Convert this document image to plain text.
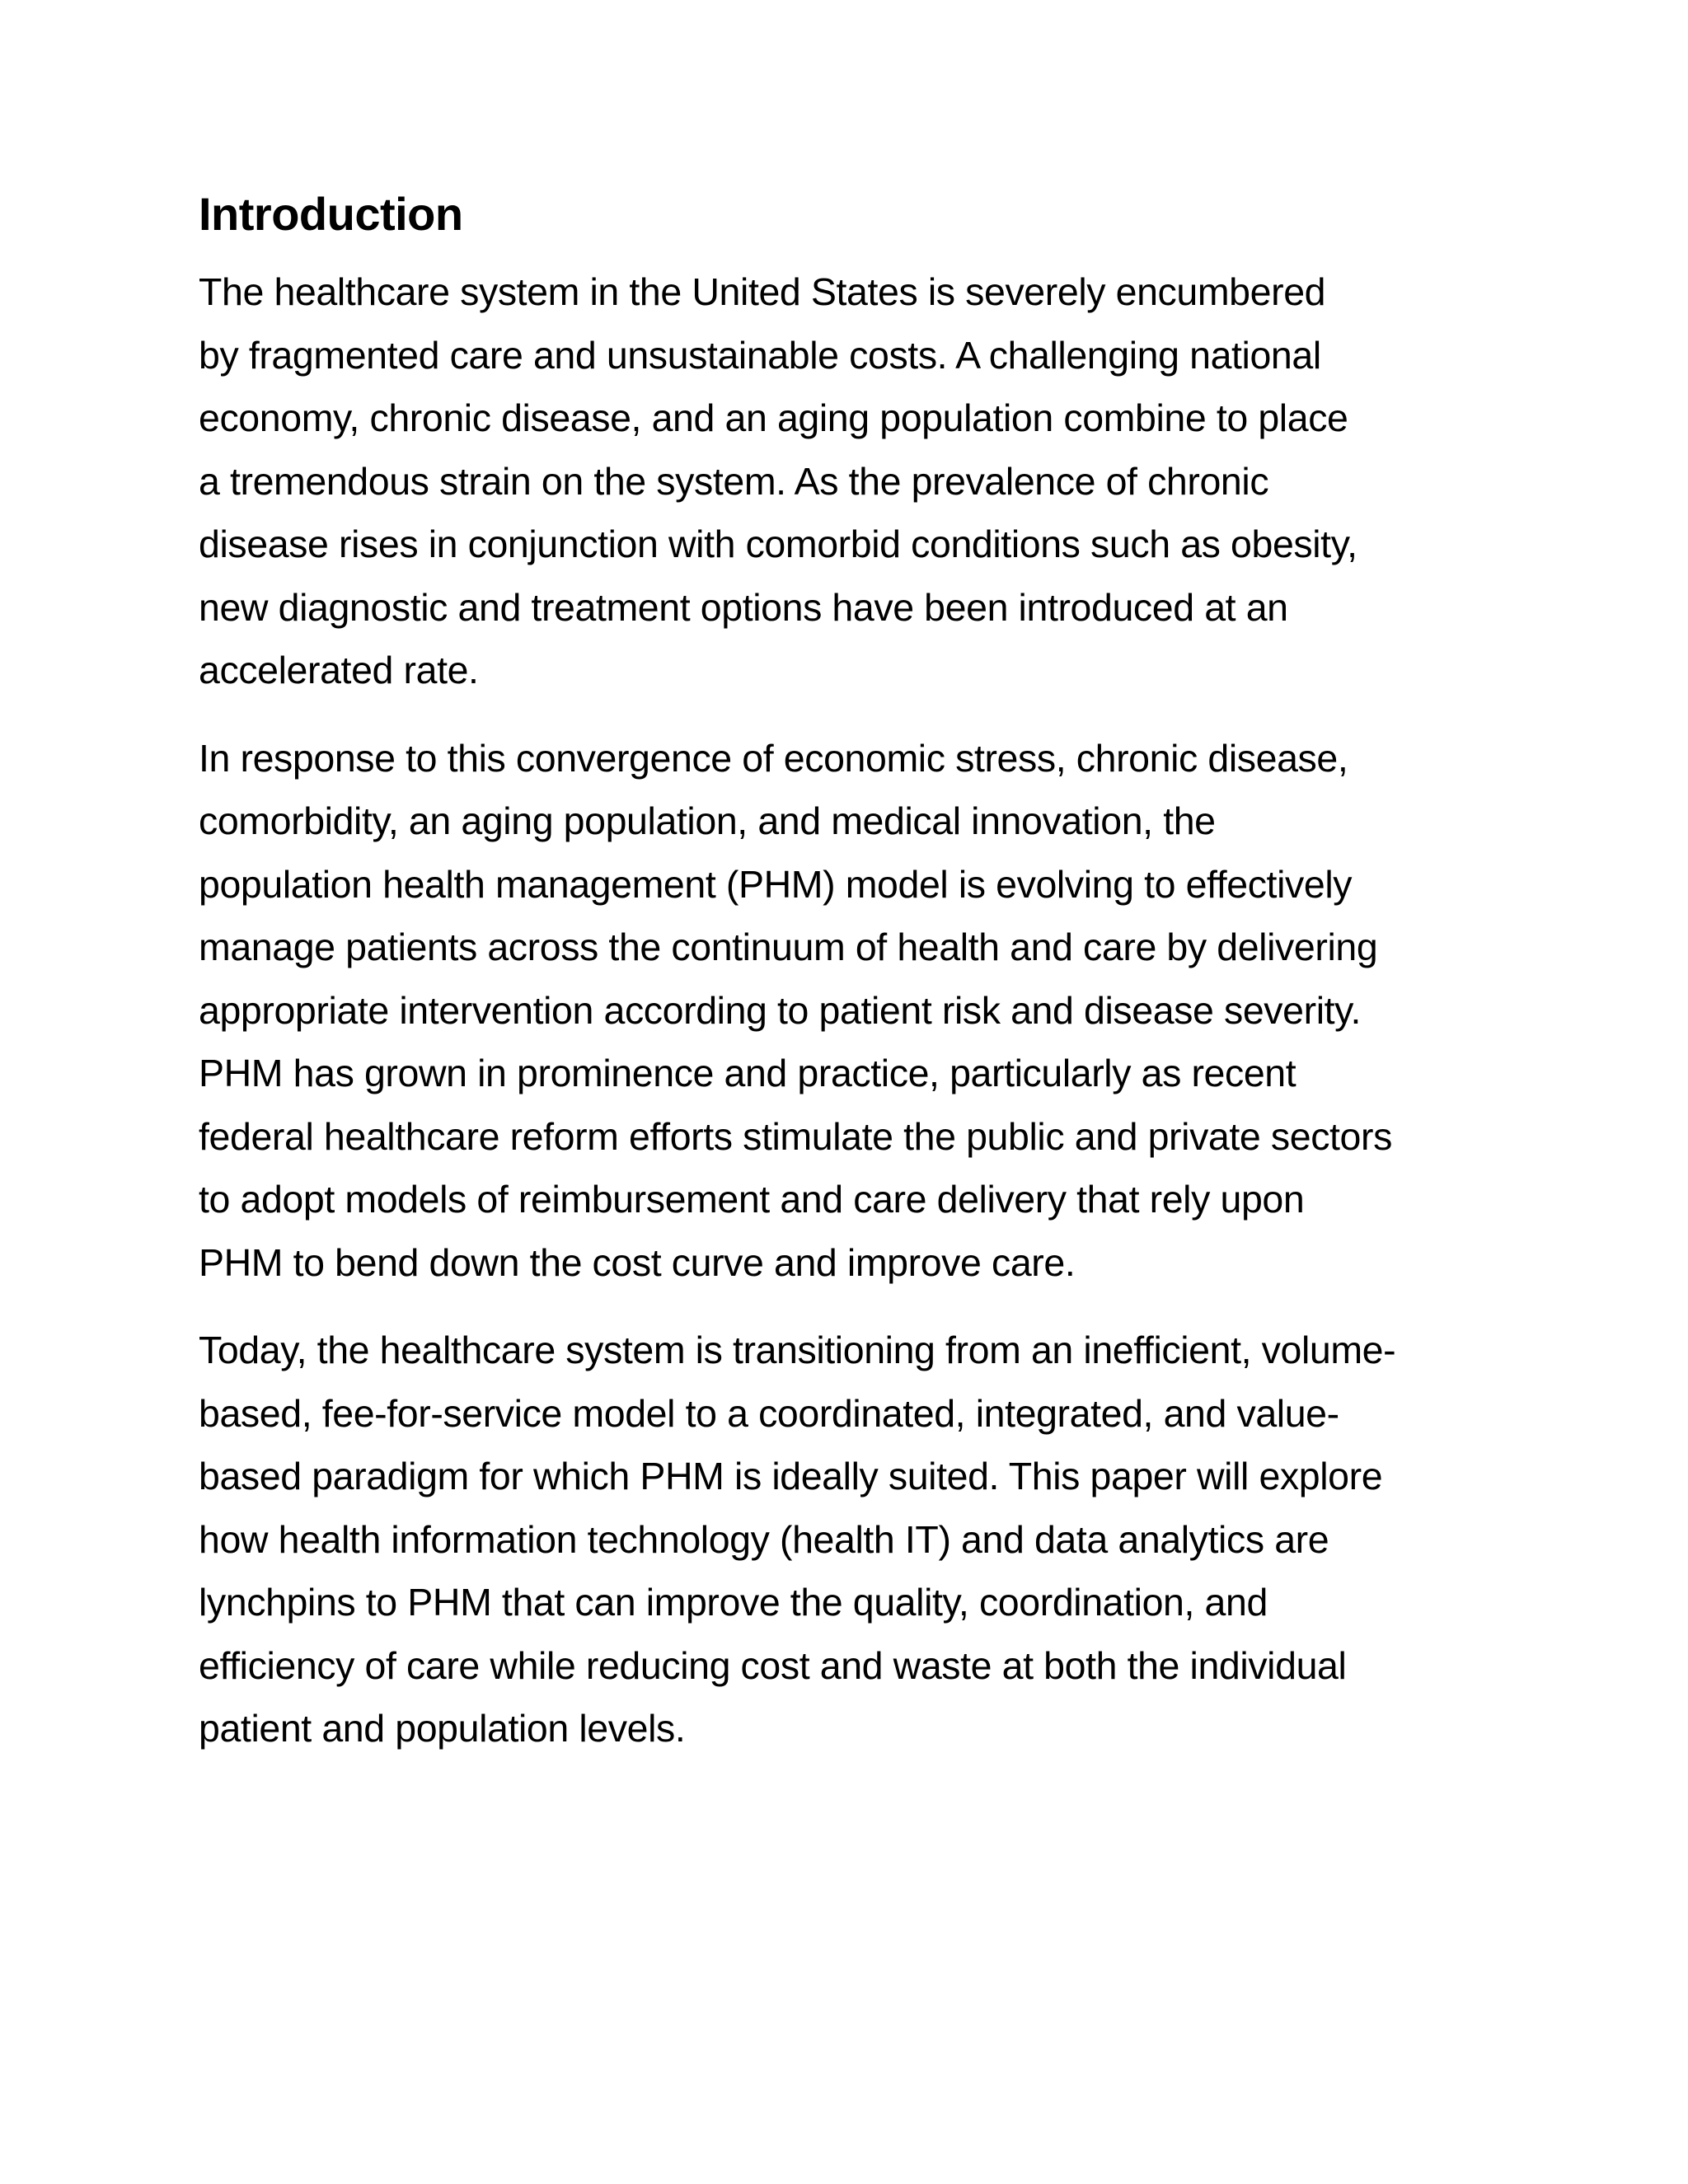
Introduction

The healthcare system in the United States is severely encumbered
by fragmented care and unsustainable costs. A challenging national
economy, chronic disease, and an aging population combine to place
a tremendous strain on the system. As the prevalence of chronic
disease rises in conjunction with comorbid conditions such as obesity,
new diagnostic and treatment options have been introduced at an
accelerated rate.

In response to this convergence of economic stress, chronic disease,
comorbidity, an aging population, and medical innovation, the
population health management (PHM) model is evolving to effectively
manage patients across the continuum of health and care by delivering
appropriate intervention according to patient risk and disease severity.
PHM has grown in prominence and practice, particularly as recent
federal healthcare reform efforts stimulate the public and private sectors
to adopt models of reimbursement and care delivery that rely upon
PHM to bend down the cost curve and improve care.

Today, the healthcare system is transitioning from an inefficient, volume-
based, fee-for-service model to a coordinated, integrated, and value-
based paradigm for which PHM is ideally suited. This paper will explore
how health information technology (health IT) and data analytics are
lynchpins to PHM that can improve the quality, coordination, and
efficiency of care while reducing cost and waste at both the individual
patient and population levels.
